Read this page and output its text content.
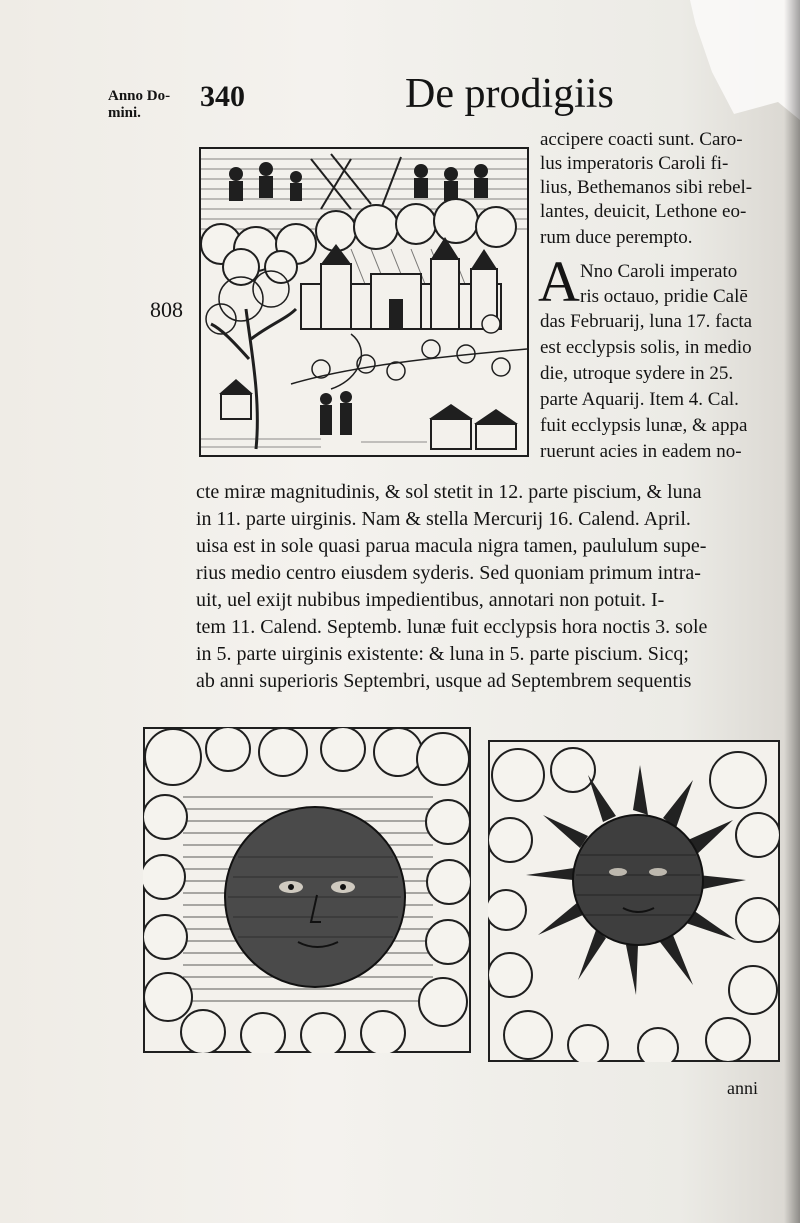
Anno Do-
mini.	340	De prodigiis
808
accipere coacti sunt. Caro-
lus imperatoris Caroli fi-
lius, Bethemanos sibi rebel-
lantes, deuicit, Lethone eo-
rum duce perempto.
A Nno Caroli imperato
ris octauo, pridie Calē
das Februarij, luna 17. facta
est ecclypsis solis, in medio
die, utroque sydere in 25.
parte Aquarij. Item 4. Cal.
fuit ecclypsis lunæ, & appa
ruerunt acies in eadem no-
cte miræ magnitudinis, & sol stetit in 12. parte piscium, & luna
in 11. parte uirginis. Nam & stella Mercurij 16. Calend. April.
uisa est in sole quasi parua macula nigra tamen, paululum supe-
rius medio centro eiusdem syderis. Sed quoniam primum intra-
uit, uel exijt nubibus impedientibus, annotari non potuit. I-
tem 11. Calend. Septemb. lunæ fuit ecclypsis hora noctis 3. sole
in 5. parte uirginis existente: & luna in 5. parte piscium. Sicq;
ab anni superioris Septembri, usque ad Septembrem sequentis
anni
